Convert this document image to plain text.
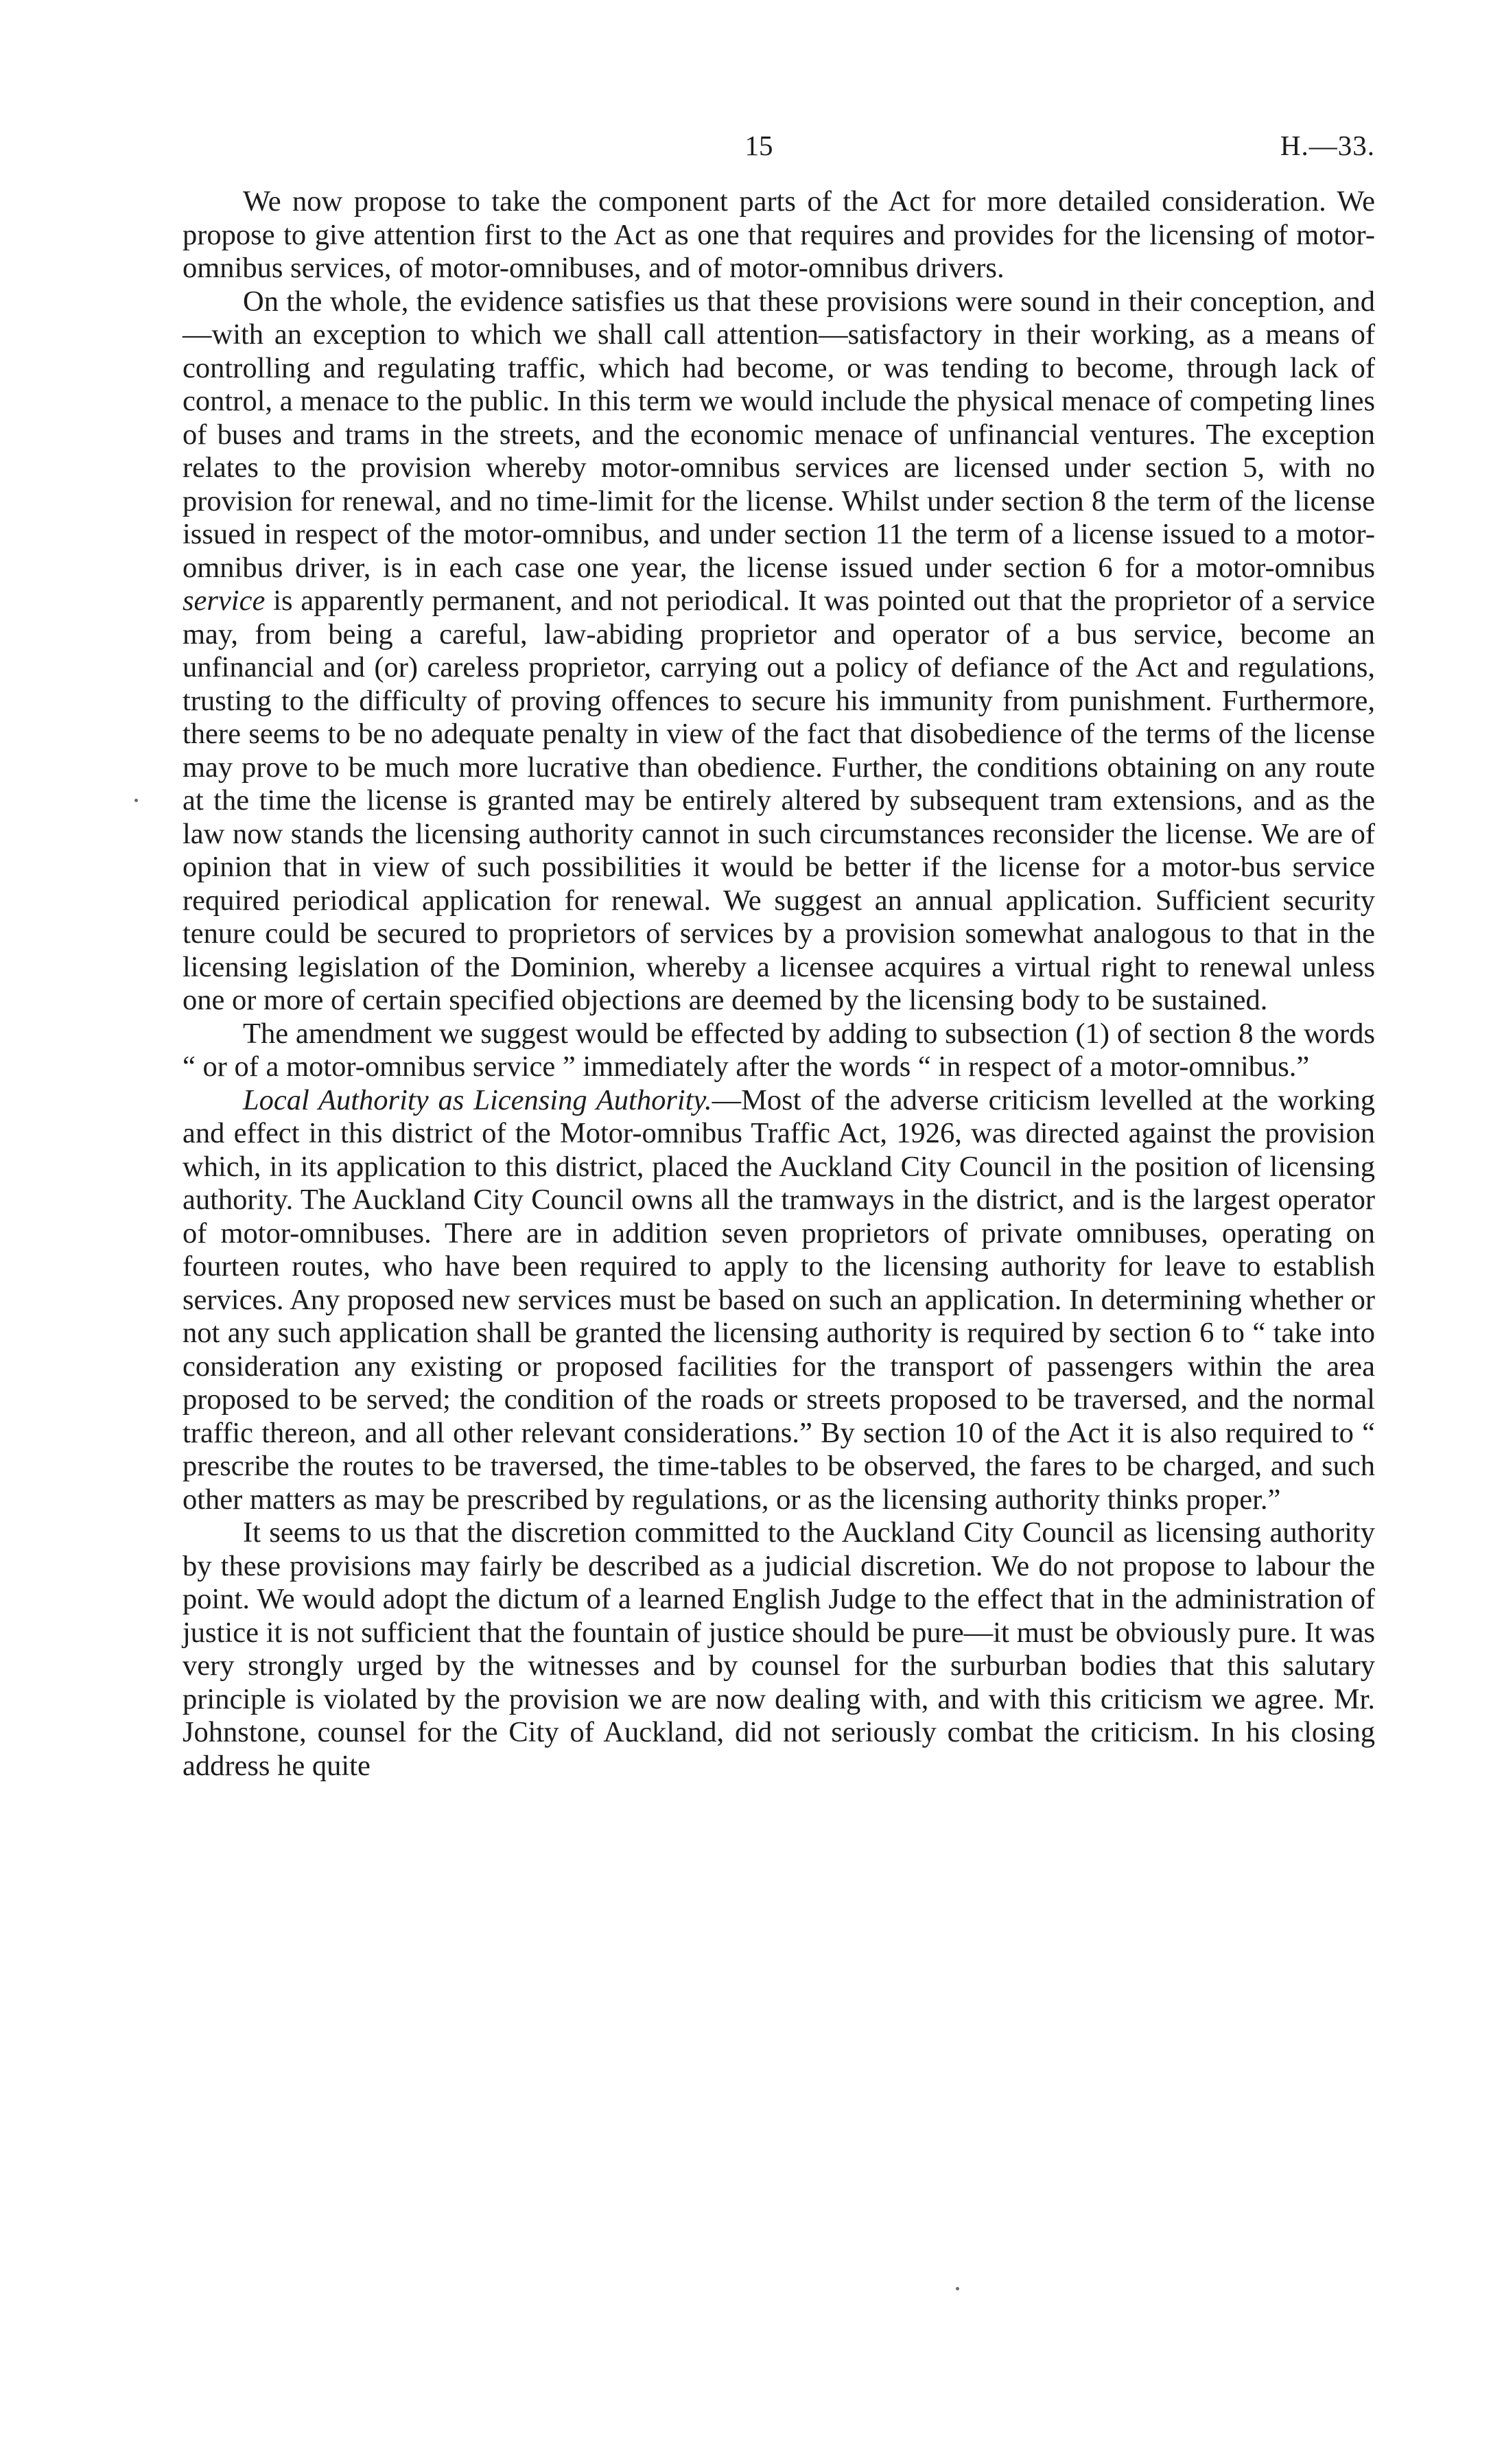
15	H.—33.

We now propose to take the component parts of the Act for more detailed consideration. We propose to give attention first to the Act as one that requires and provides for the licensing of motor-omnibus services, of motor-omnibuses, and of motor-omnibus drivers.

On the whole, the evidence satisfies us that these provisions were sound in their conception, and—with an exception to which we shall call attention—satisfactory in their working, as a means of controlling and regulating traffic, which had become, or was tending to become, through lack of control, a menace to the public. In this term we would include the physical menace of competing lines of buses and trams in the streets, and the economic menace of unfinancial ventures. The exception relates to the provision whereby motor-omnibus services are licensed under section 5, with no provision for renewal, and no time-limit for the license. Whilst under section 8 the term of the license issued in respect of the motor-omnibus, and under section 11 the term of a license issued to a motor-omnibus driver, is in each case one year, the license issued under section 6 for a motor-omnibus service is apparently permanent, and not periodical. It was pointed out that the proprietor of a service may, from being a careful, law-abiding proprietor and operator of a bus service, become an unfinancial and (or) careless proprietor, carrying out a policy of defiance of the Act and regulations, trusting to the difficulty of proving offences to secure his immunity from punishment. Furthermore, there seems to be no adequate penalty in view of the fact that disobedience of the terms of the license may prove to be much more lucrative than obedience. Further, the conditions obtaining on any route at the time the license is granted may be entirely altered by subsequent tram extensions, and as the law now stands the licensing authority cannot in such circumstances reconsider the license. We are of opinion that in view of such possibilities it would be better if the license for a motor-bus service required periodical application for renewal. We suggest an annual application. Sufficient security tenure could be secured to proprietors of services by a provision somewhat analogous to that in the licensing legislation of the Dominion, whereby a licensee acquires a virtual right to renewal unless one or more of certain specified objections are deemed by the licensing body to be sustained.

The amendment we suggest would be effected by adding to subsection (1) of section 8 the words “ or of a motor-omnibus service ” immediately after the words “ in respect of a motor-omnibus.”

Local Authority as Licensing Authority.—Most of the adverse criticism levelled at the working and effect in this district of the Motor-omnibus Traffic Act, 1926, was directed against the provision which, in its application to this district, placed the Auckland City Council in the position of licensing authority. The Auckland City Council owns all the tramways in the district, and is the largest operator of motor-omnibuses. There are in addition seven proprietors of private omnibuses, operating on fourteen routes, who have been required to apply to the licensing authority for leave to establish services. Any proposed new services must be based on such an application. In determining whether or not any such application shall be granted the licensing authority is required by section 6 to “ take into consideration any existing or proposed facilities for the transport of passengers within the area proposed to be served; the condition of the roads or streets proposed to be traversed, and the normal traffic thereon, and all other relevant considerations.” By section 10 of the Act it is also required to “ prescribe the routes to be traversed, the time-tables to be observed, the fares to be charged, and such other matters as may be prescribed by regulations, or as the licensing authority thinks proper.”

It seems to us that the discretion committed to the Auckland City Council as licensing authority by these provisions may fairly be described as a judicial discretion. We do not propose to labour the point. We would adopt the dictum of a learned English Judge to the effect that in the administration of justice it is not sufficient that the fountain of justice should be pure—it must be obviously pure. It was very strongly urged by the witnesses and by counsel for the surburban bodies that this salutary principle is violated by the provision we are now dealing with, and with this criticism we agree. Mr. Johnstone, counsel for the City of Auckland, did not seriously combat the criticism. In his closing address he quite
